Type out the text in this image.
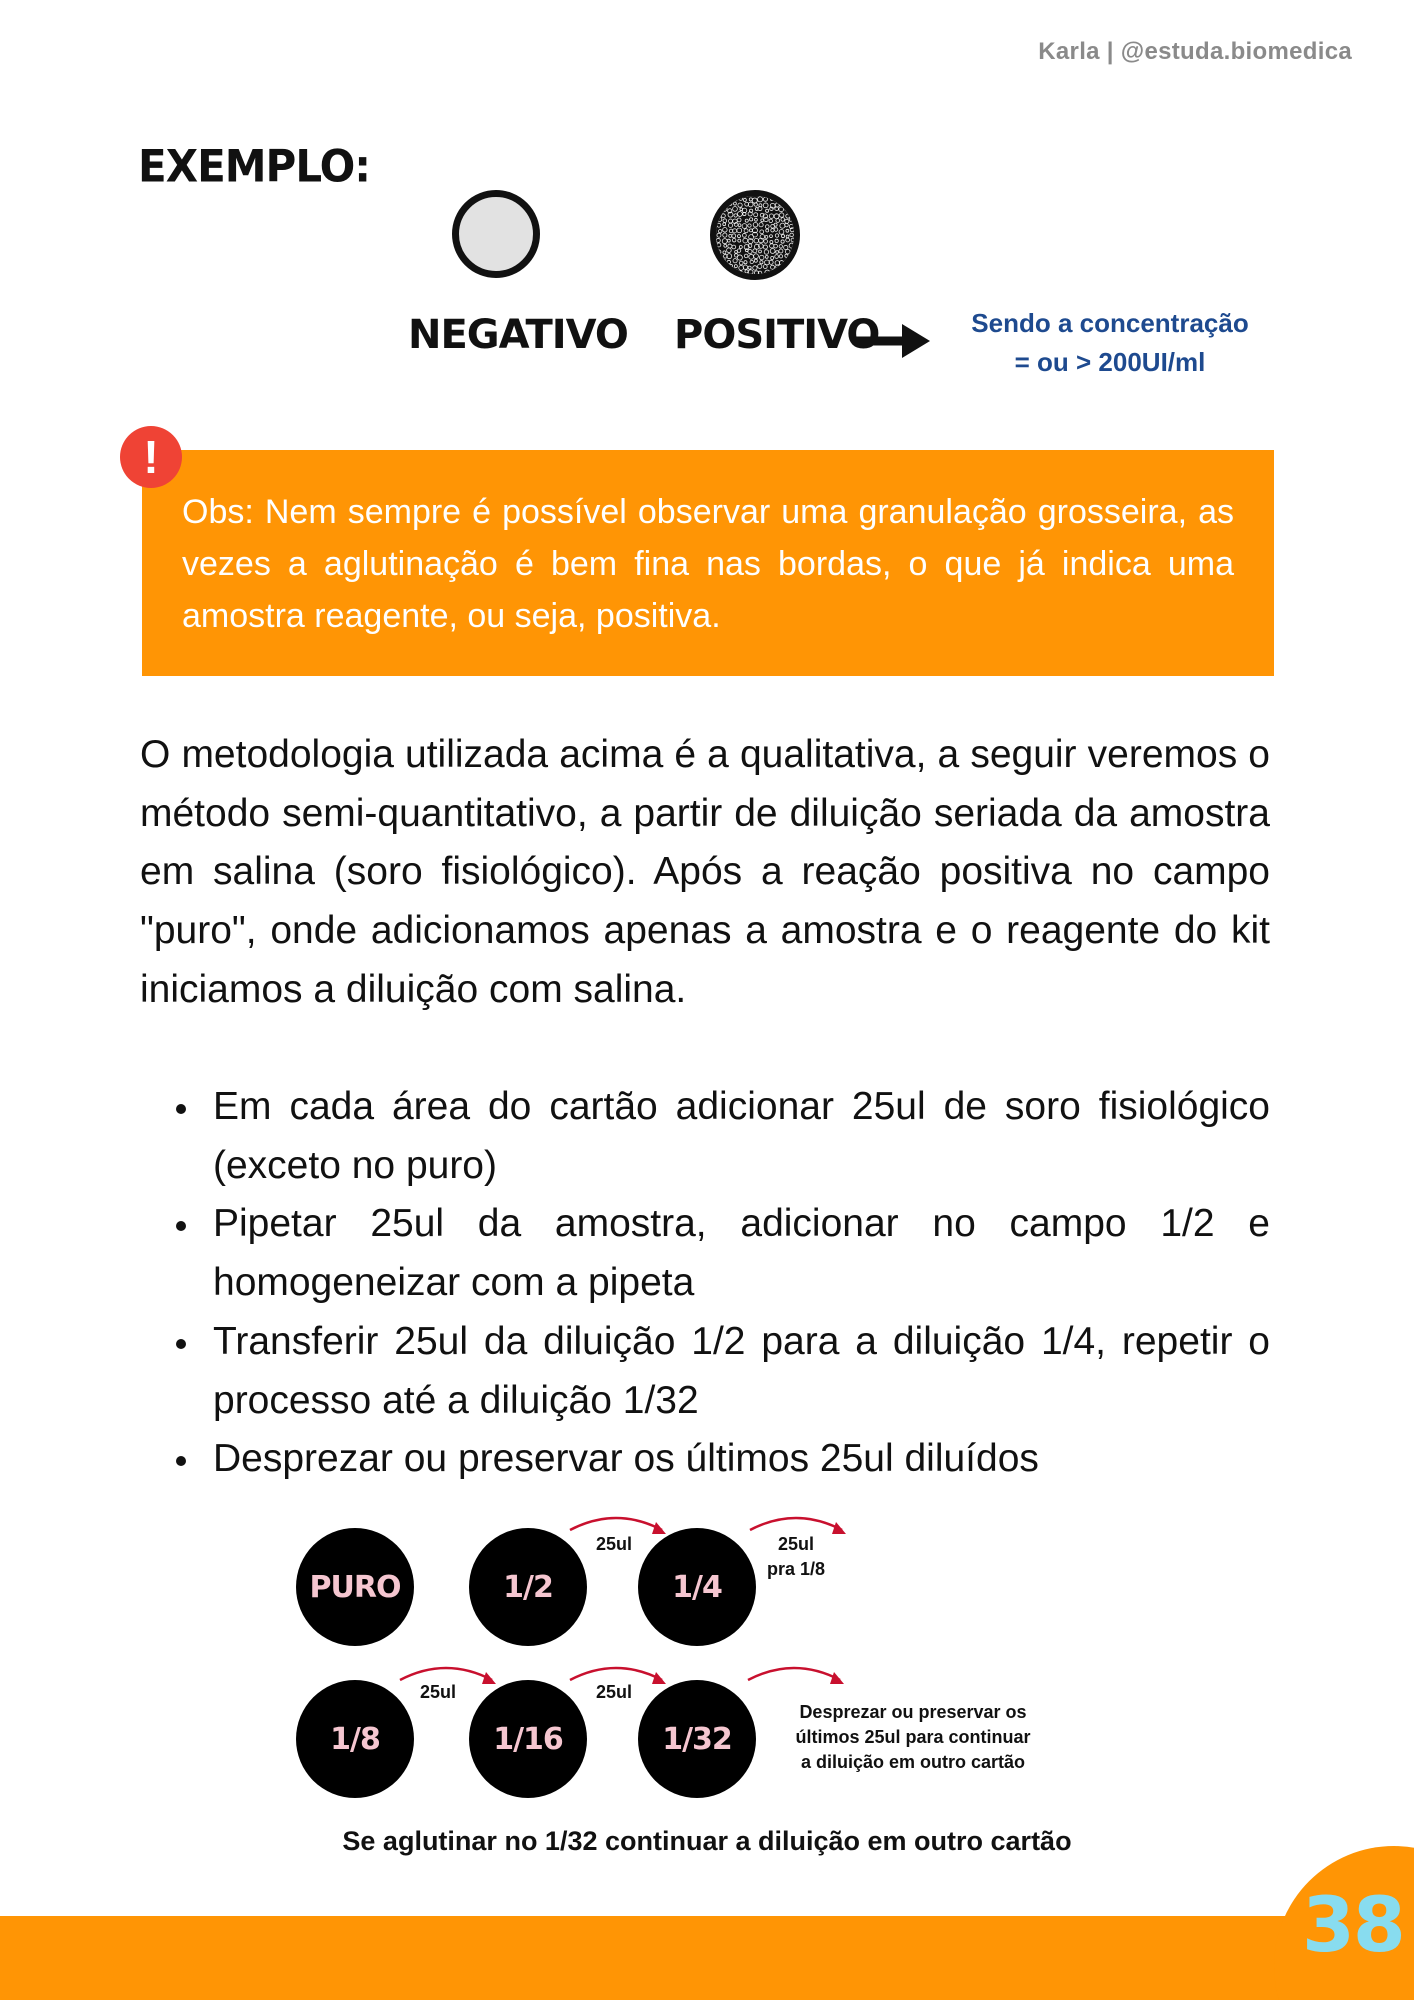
Karla | @estuda.biomedica
EXEMPLO:
NEGATIVO POSITIVO	Sendo a concentração
= ou > 200UI/ml
Obs: Nem sempre é possível observar uma granulação grosseira, as vezes a aglutinação é bem fina nas bordas, o que já indica uma amostra reagente, ou seja, positiva.
!
O metodologia utilizada acima é a qualitativa, a seguir veremos o método semi-quantitativo, a partir de diluição seriada da amostra em salina (soro fisiológico). Após a reação positiva no campo "puro", onde adicionamos apenas a amostra e o reagente do kit iniciamos a diluição com salina.
Em cada área do cartão adicionar 25ul de soro fisiológico (exceto no puro)
Pipetar 25ul da amostra, adicionar no campo 1/2 e homogeneizar com a pipeta
Transferir 25ul da diluição 1/2 para a diluição 1/4, repetir o processo até a diluição 1/32
Desprezar ou preservar os últimos 25ul diluídos
PURO	1/2	1/4
1/8	1/16	1/32
25ul	25ul
pra 1/8
25ul	25ul
Desprezar ou preservar os
últimos 25ul para continuar
a diluição em outro cartão
Se aglutinar no 1/32 continuar a diluição em outro cartão
38
